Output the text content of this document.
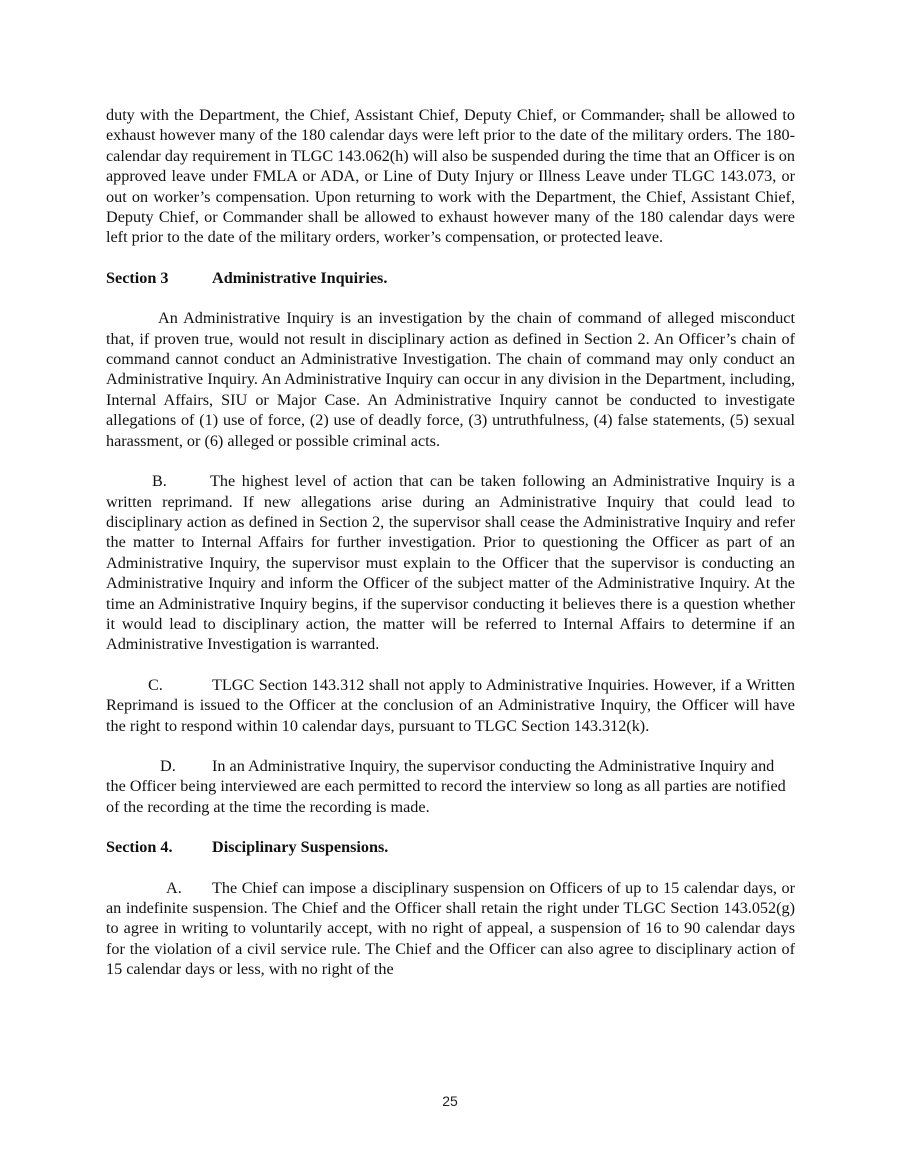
duty with the Department, the Chief, Assistant Chief, Deputy Chief, or Commander, shall be allowed to exhaust however many of the 180 calendar days were left prior to the date of the military orders. The 180-calendar day requirement in TLGC 143.062(h) will also be suspended during the time that an Officer is on approved leave under FMLA or ADA, or Line of Duty Injury or Illness Leave under TLGC 143.073, or out on worker’s compensation. Upon returning to work with the Department, the Chief, Assistant Chief, Deputy Chief, or Commander shall be allowed to exhaust however many of the 180 calendar days were left prior to the date of the military orders, worker’s compensation, or protected leave.

Section 3	Administrative Inquiries.

An Administrative Inquiry is an investigation by the chain of command of alleged misconduct that, if proven true, would not result in disciplinary action as defined in Section 2. An Officer’s chain of command cannot conduct an Administrative Investigation. The chain of command may only conduct an Administrative Inquiry. An Administrative Inquiry can occur in any division in the Department, including, Internal Affairs, SIU or Major Case. An Administrative Inquiry cannot be conducted to investigate allegations of (1) use of force, (2) use of deadly force, (3) untruthfulness, (4) false statements, (5) sexual harassment, or (6) alleged or possible criminal acts.

B.	The highest level of action that can be taken following an Administrative Inquiry is a written reprimand. If new allegations arise during an Administrative Inquiry that could lead to disciplinary action as defined in Section 2, the supervisor shall cease the Administrative Inquiry and refer the matter to Internal Affairs for further investigation. Prior to questioning the Officer as part of an Administrative Inquiry, the supervisor must explain to the Officer that the supervisor is conducting an Administrative Inquiry and inform the Officer of the subject matter of the Administrative Inquiry. At the time an Administrative Inquiry begins, if the supervisor conducting it believes there is a question whether it would lead to disciplinary action, the matter will be referred to Internal Affairs to determine if an Administrative Investigation is warranted.

C.	TLGC Section 143.312 shall not apply to Administrative Inquiries. However, if a Written Reprimand is issued to the Officer at the conclusion of an Administrative Inquiry, the Officer will have the right to respond within 10 calendar days, pursuant to TLGC Section 143.312(k).

D. In an Administrative Inquiry, the supervisor conducting the Administrative Inquiry and the Officer being interviewed are each permitted to record the interview so long as all parties are notified of the recording at the time the recording is made.

Section 4. Disciplinary Suspensions.

A. The Chief can impose a disciplinary suspension on Officers of up to 15 calendar days, or an indefinite suspension. The Chief and the Officer shall retain the right under TLGC Section 143.052(g) to agree in writing to voluntarily accept, with no right of appeal, a suspension of 16 to 90 calendar days for the violation of a civil service rule. The Chief and the Officer can also agree to disciplinary action of 15 calendar days or less, with no right of the

25
